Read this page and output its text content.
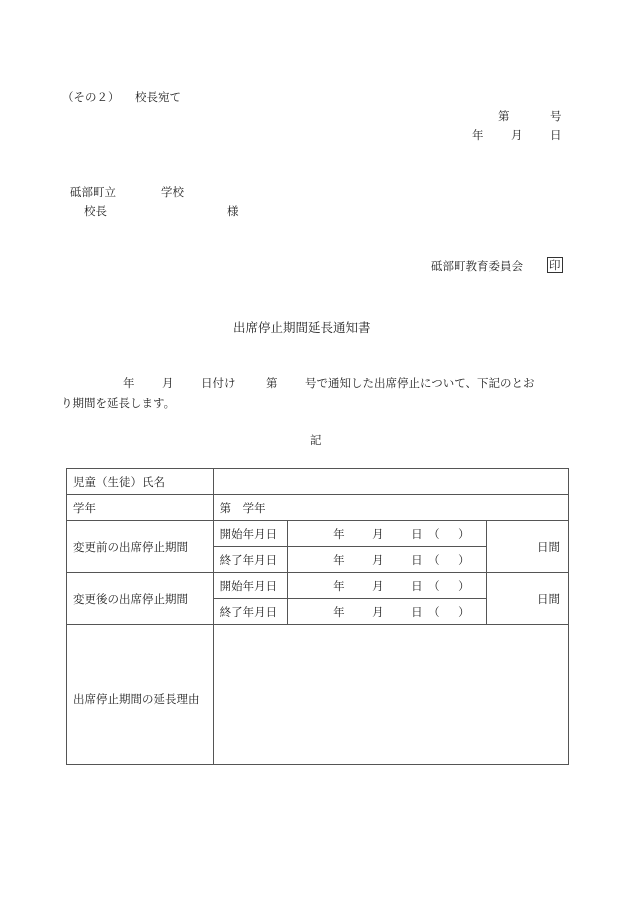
（その２） 校長宛て
第	号
年 月 日
砥部町立	学校
校長	様
砥部町教育委員会 印
出席停止期間延長通知書
年 月 日付け	第 号で通知した出席停止について、下記のとお
り期間を延長します。
記
児童（生徒）氏名			
学年	第　学年		
変更前の出席停止期間	開始年月日	年 月 日 （ ）	日間
	終了年月日	年 月 日 （ ）	

変更後の出席停止期間	開始年月日	年 月 日 （ ）	日間
	終了年月日	年 月 日 （ ）	

出席停止期間の延長理由			
